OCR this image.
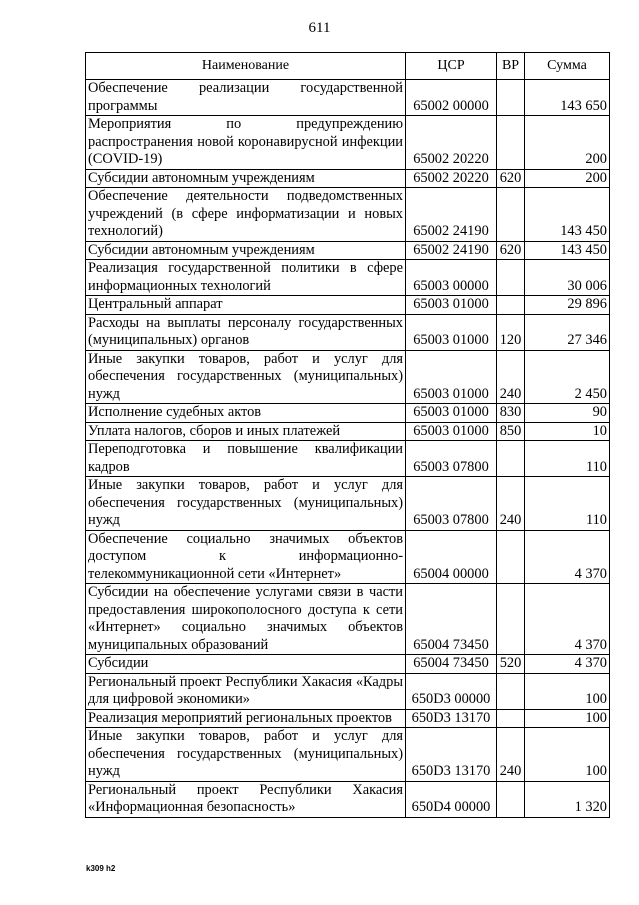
611
Наименование	ЦСР	ВР	Сумма
Обеспечение реализации государственной программы	65002 00000		143 650
Мероприятия по предупреждению распространения новой коронавирусной инфекции (COVID-19)	65002 20220		200
Субсидии автономным учреждениям	65002 20220	620	200
Обеспечение деятельности подведомственных учреждений (в сфере информатизации и новых технологий)	65002 24190		143 450
Субсидии автономным учреждениям	65002 24190	620	143 450
Реализация государственной политики в сфере информационных технологий	65003 00000		30 006
Центральный аппарат	65003 01000		29 896
Расходы на выплаты персоналу государственных (муниципальных) органов	65003 01000	120	27 346
Иные закупки товаров, работ и услуг для обеспечения государственных (муниципальных) нужд	65003 01000	240	2 450
Исполнение судебных актов	65003 01000	830	90
Уплата налогов, сборов и иных платежей	65003 01000	850	10
Переподготовка и повышение квалификации кадров	65003 07800		110
Иные закупки товаров, работ и услуг для обеспечения государственных (муниципальных) нужд	65003 07800	240	110
Обеспечение социально значимых объектов доступом к информационно-телекоммуникационной сети «Интернет»	65004 00000		4 370
Субсидии на обеспечение услугами связи в части предоставления широкополосного доступа к сети «Интернет» социально значимых объектов муниципальных образований	65004 73450		4 370
Субсидии	65004 73450	520	4 370
Региональный проект Республики Хакасия «Кадры для цифровой экономики»	650D3 00000		100
Реализация мероприятий региональных проектов	650D3 13170		100
Иные закупки товаров, работ и услуг для обеспечения государственных (муниципальных) нужд	650D3 13170	240	100
Региональный проект Республики Хакасия «Информационная безопасность»	650D4 00000		1 320
k309 h2
